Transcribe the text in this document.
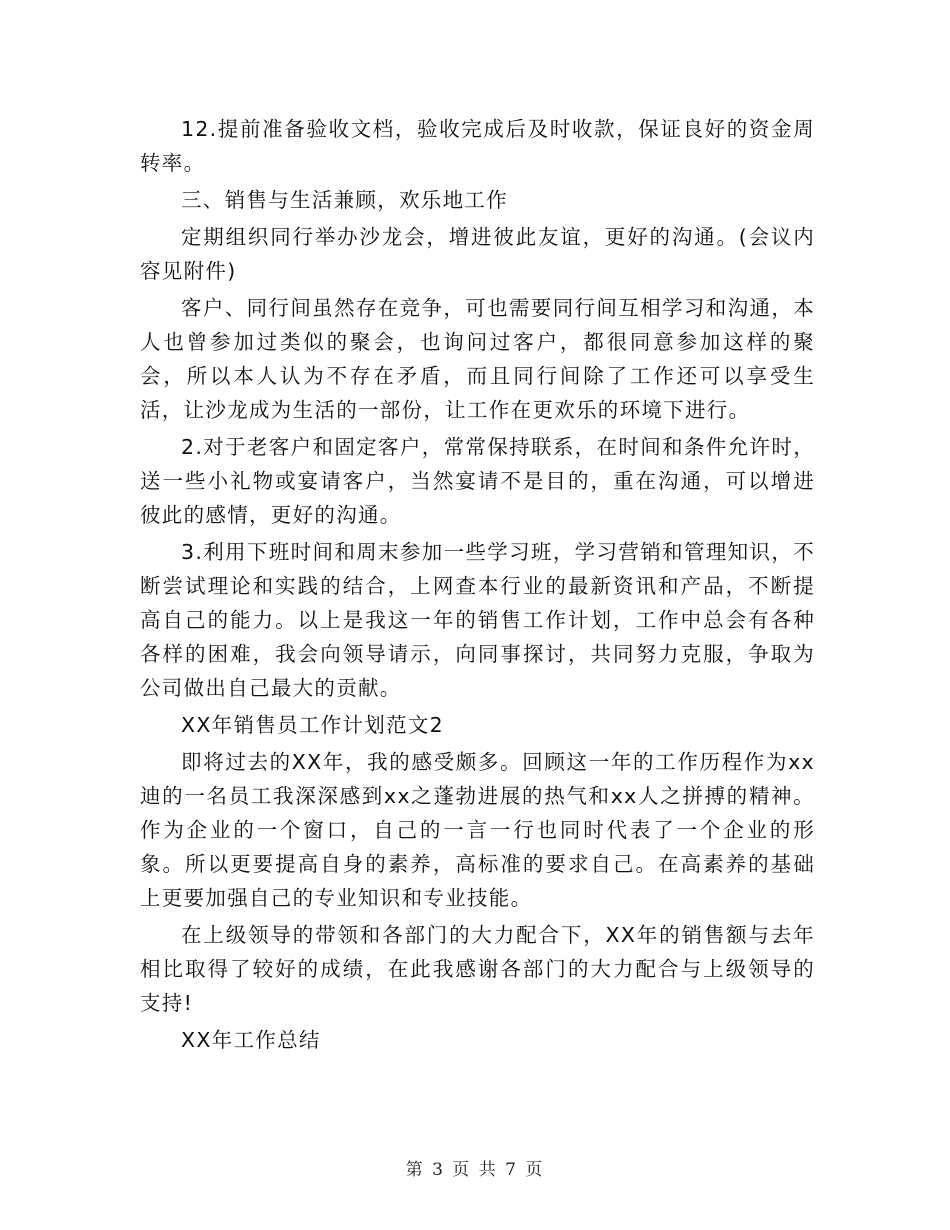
12.提前准备验收文档，验收完成后及时收款，保证良好的资金周转率。

三、销售与生活兼顾，欢乐地工作

定期组织同行举办沙龙会，增进彼此友谊，更好的沟通。(会议内容见附件)

客户、同行间虽然存在竞争，可也需要同行间互相学习和沟通，本人也曾参加过类似的聚会，也询问过客户，都很同意参加这样的聚会，所以本人认为不存在矛盾，而且同行间除了工作还可以享受生活，让沙龙成为生活的一部份，让工作在更欢乐的环境下进行。

2.对于老客户和固定客户，常常保持联系，在时间和条件允许时，送一些小礼物或宴请客户，当然宴请不是目的，重在沟通，可以增进彼此的感情，更好的沟通。

3.利用下班时间和周末参加一些学习班，学习营销和管理知识，不断尝试理论和实践的结合，上网查本行业的最新资讯和产品，不断提高自己的能力。以上是我这一年的销售工作计划，工作中总会有各种各样的困难，我会向领导请示，向同事探讨，共同努力克服，争取为公司做出自己最大的贡献。

XX年销售员工作计划范文2

即将过去的XX年，我的感受颇多。回顾这一年的工作历程作为xx迪的一名员工我深深感到xx之蓬勃进展的热气和xx人之拼搏的精神。作为企业的一个窗口，自己的一言一行也同时代表了一个企业的形象。所以更要提高自身的素养，高标准的要求自己。在高素养的基础上更要加强自己的专业知识和专业技能。

在上级领导的带领和各部门的大力配合下，XX年的销售额与去年相比取得了较好的成绩，在此我感谢各部门的大力配合与上级领导的支持!

XX年工作总结

第 3 页 共 7 页
